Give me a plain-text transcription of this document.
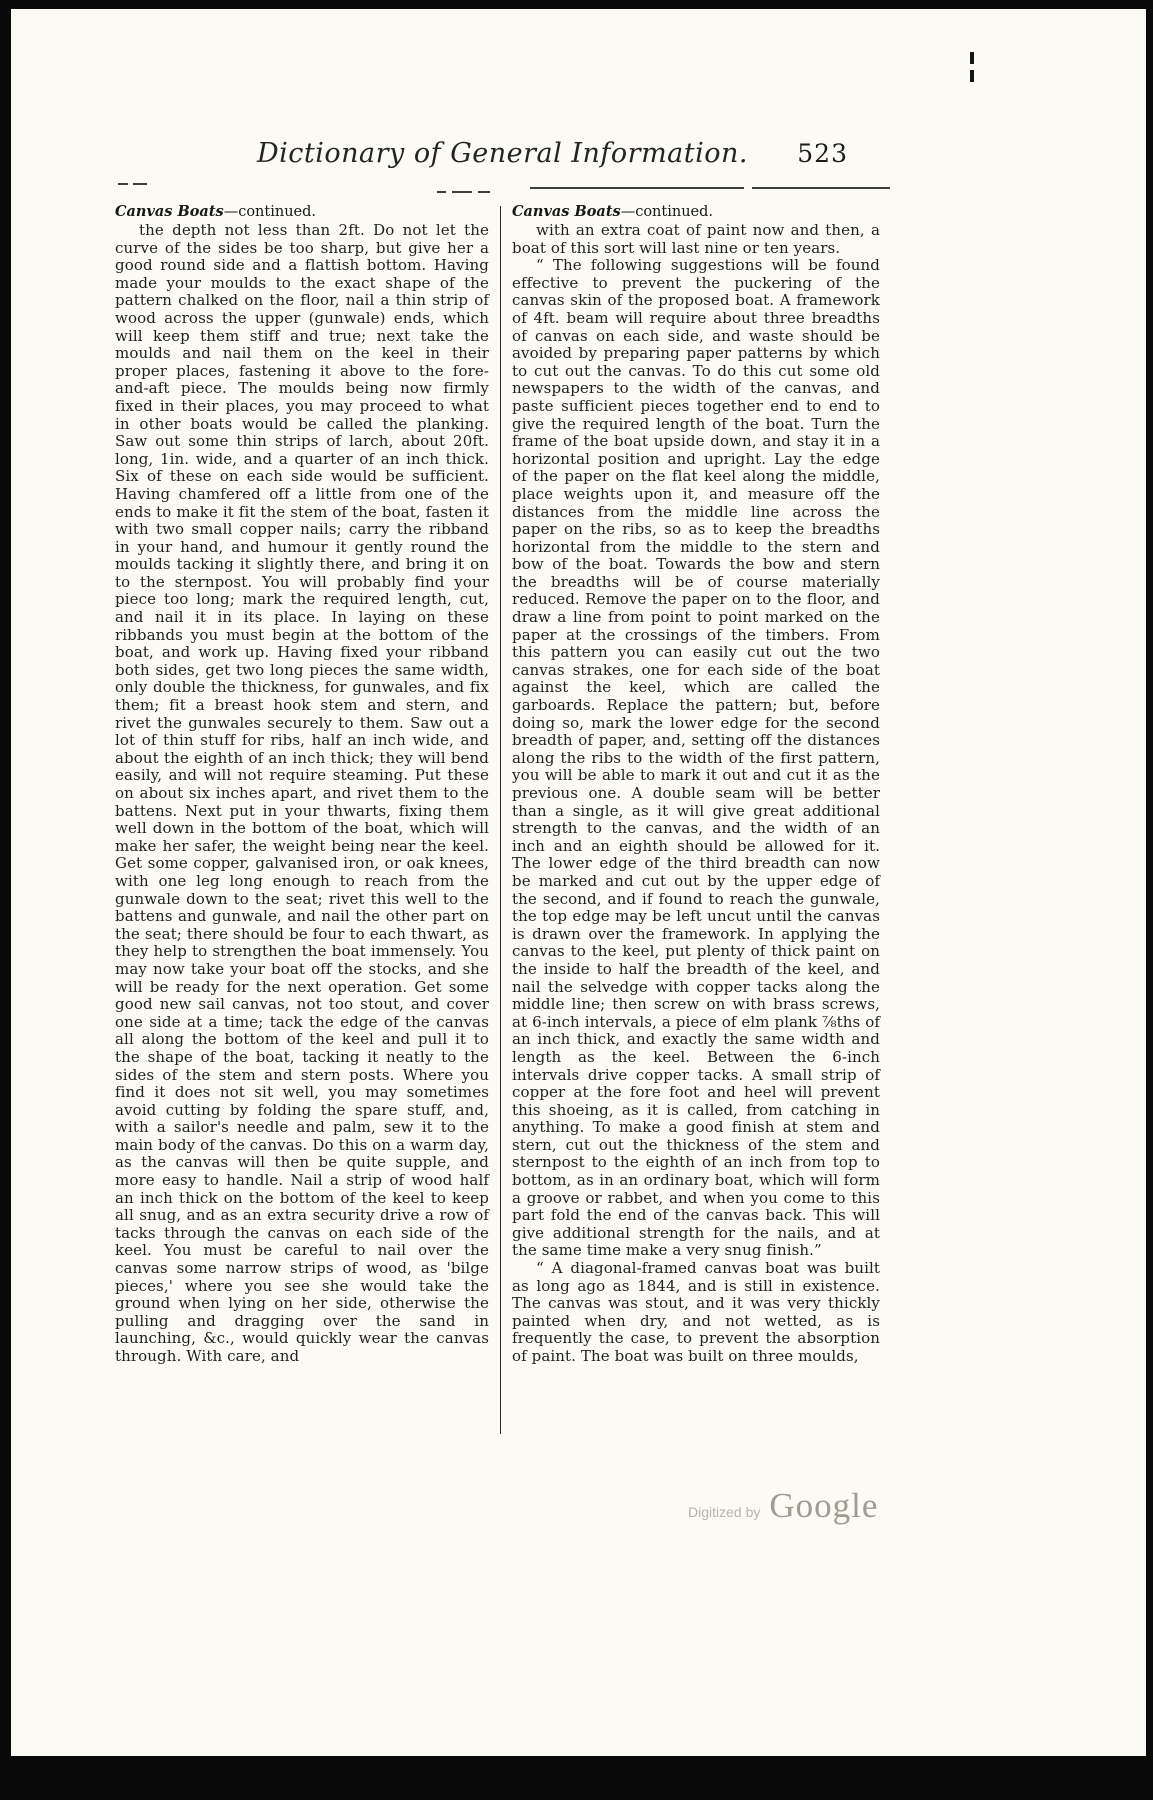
Dictionary of General Information.	523
Canvas Boats—continued.

the depth not less than 2ft. Do not let the curve of the sides be too sharp, but give her a good round side and a flattish bottom. Having made your moulds to the exact shape of the pattern chalked on the floor, nail a thin strip of wood across the upper (gunwale) ends, which will keep them stiff and true; next take the moulds and nail them on the keel in their proper places, fastening it above to the fore-and-aft piece. The moulds being now firmly fixed in their places, you may proceed to what in other boats would be called the planking. Saw out some thin strips of larch, about 20ft. long, 1in. wide, and a quarter of an inch thick. Six of these on each side would be sufficient. Having chamfered off a little from one of the ends to make it fit the stem of the boat, fasten it with two small copper nails; carry the ribband in your hand, and humour it gently round the moulds tacking it slightly there, and bring it on to the sternpost. You will probably find your piece too long; mark the required length, cut, and nail it in its place. In laying on these ribbands you must begin at the bottom of the boat, and work up. Having fixed your ribband both sides, get two long pieces the same width, only double the thickness, for gunwales, and fix them; fit a breast hook stem and stern, and rivet the gunwales securely to them. Saw out a lot of thin stuff for ribs, half an inch wide, and about the eighth of an inch thick; they will bend easily, and will not require steaming. Put these on about six inches apart, and rivet them to the battens. Next put in your thwarts, fixing them well down in the bottom of the boat, which will make her safer, the weight being near the keel. Get some copper, galvanised iron, or oak knees, with one leg long enough to reach from the gunwale down to the seat; rivet this well to the battens and gunwale, and nail the other part on the seat; there should be four to each thwart, as they help to strengthen the boat immensely. You may now take your boat off the stocks, and she will be ready for the next operation. Get some good new sail canvas, not too stout, and cover one side at a time; tack the edge of the canvas all along the bottom of the keel and pull it to the shape of the boat, tacking it neatly to the sides of the stem and stern posts. Where you find it does not sit well, you may sometimes avoid cutting by folding the spare stuff, and, with a sailor's needle and palm, sew it to the main body of the canvas. Do this on a warm day, as the canvas will then be quite supple, and more easy to handle. Nail a strip of wood half an inch thick on the bottom of the keel to keep all snug, and as an extra security drive a row of tacks through the canvas on each side of the keel. You must be careful to nail over the canvas some narrow strips of wood, as 'bilge pieces,' where you see she would take the ground when lying on her side, otherwise the pulling and dragging over the sand in launching, &c., would quickly wear the canvas through. With care, and

Canvas Boats—continued.

with an extra coat of paint now and then, a boat of this sort will last nine or ten years.

“ The following suggestions will be found effective to prevent the puckering of the canvas skin of the proposed boat. A framework of 4ft. beam will require about three breadths of canvas on each side, and waste should be avoided by preparing paper patterns by which to cut out the canvas. To do this cut some old newspapers to the width of the canvas, and paste sufficient pieces together end to end to give the required length of the boat. Turn the frame of the boat upside down, and stay it in a horizontal position and upright. Lay the edge of the paper on the flat keel along the middle, place weights upon it, and measure off the distances from the middle line across the paper on the ribs, so as to keep the breadths horizontal from the middle to the stern and bow of the boat. Towards the bow and stern the breadths will be of course materially reduced. Remove the paper on to the floor, and draw a line from point to point marked on the paper at the crossings of the timbers. From this pattern you can easily cut out the two canvas strakes, one for each side of the boat against the keel, which are called the garboards. Replace the pattern; but, before doing so, mark the lower edge for the second breadth of paper, and, setting off the distances along the ribs to the width of the first pattern, you will be able to mark it out and cut it as the previous one. A double seam will be better than a single, as it will give great additional strength to the canvas, and the width of an inch and an eighth should be allowed for it. The lower edge of the third breadth can now be marked and cut out by the upper edge of the second, and if found to reach the gunwale, the top edge may be left uncut until the canvas is drawn over the framework. In applying the canvas to the keel, put plenty of thick paint on the inside to half the breadth of the keel, and nail the selvedge with copper tacks along the middle line; then screw on with brass screws, at 6-inch intervals, a piece of elm plank ⅞ths of an inch thick, and exactly the same width and length as the keel. Between the 6-inch intervals drive copper tacks. A small strip of copper at the fore foot and heel will prevent this shoeing, as it is called, from catching in anything. To make a good finish at stem and stern, cut out the thickness of the stem and sternpost to the eighth of an inch from top to bottom, as in an ordinary boat, which will form a groove or rabbet, and when you come to this part fold the end of the canvas back. This will give additional strength for the nails, and at the same time make a very snug finish.”

“ A diagonal-framed canvas boat was built as long ago as 1844, and is still in existence. The canvas was stout, and it was very thickly painted when dry, and not wetted, as is frequently the case, to prevent the absorption of paint. The boat was built on three moulds,

Digitized by Google
